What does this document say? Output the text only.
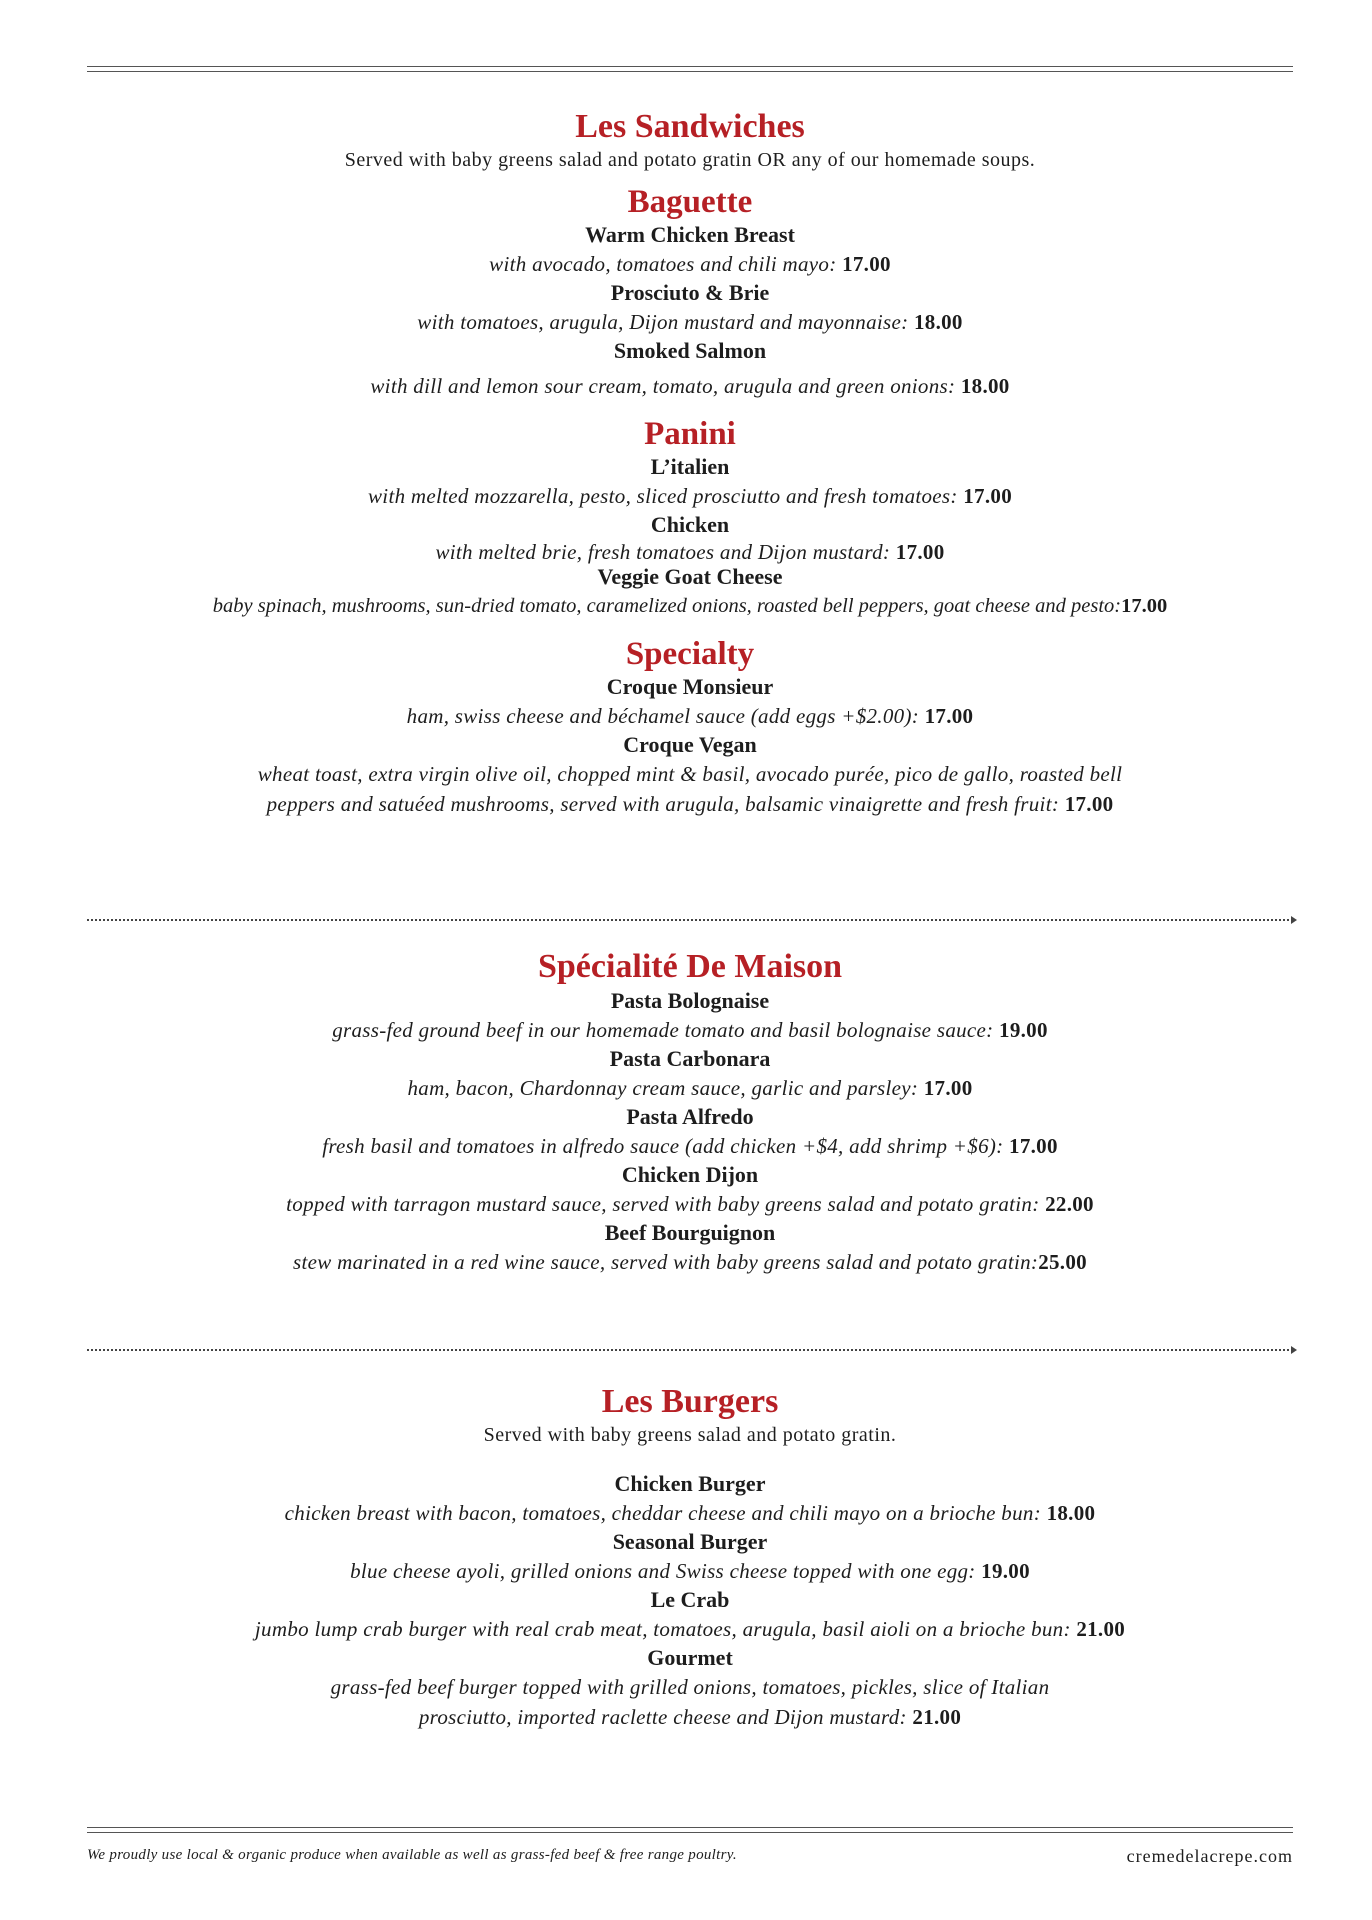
Les Sandwiches
Served with baby greens salad and potato gratin OR any of our homemade soups.
Baguette
Warm Chicken Breast
with avocado, tomatoes and chili mayo: 17.00
Prosciuto & Brie
with tomatoes, arugula, Dijon mustard and mayonnaise: 18.00
Smoked Salmon
with dill and lemon sour cream, tomato, arugula and green onions: 18.00
Panini
L’italien
with melted mozzarella, pesto, sliced prosciutto and fresh tomatoes: 17.00
Chicken
with melted brie, fresh tomatoes and Dijon mustard: 17.00
Veggie Goat Cheese
baby spinach, mushrooms, sun-dried tomato, caramelized onions, roasted bell peppers, goat cheese and pesto:17.00
Specialty
Croque Monsieur
ham, swiss cheese and béchamel sauce (add eggs +$2.00): 17.00
Croque Vegan
wheat toast, extra virgin olive oil, chopped mint & basil, avocado purée, pico de gallo, roasted bell
peppers and satuéed mushrooms, served with arugula, balsamic vinaigrette and fresh fruit: 17.00
Spécialité De Maison
Pasta Bolognaise
grass-fed ground beef in our homemade tomato and basil bolognaise sauce: 19.00
Pasta Carbonara
ham, bacon, Chardonnay cream sauce, garlic and parsley: 17.00
Pasta Alfredo
fresh basil and tomatoes in alfredo sauce (add chicken +$4, add shrimp +$6): 17.00
Chicken Dijon
topped with tarragon mustard sauce, served with baby greens salad and potato gratin: 22.00
Beef Bourguignon
stew marinated in a red wine sauce, served with baby greens salad and potato gratin:25.00
Les Burgers
Served with baby greens salad and potato gratin.
Chicken Burger
chicken breast with bacon, tomatoes, cheddar cheese and chili mayo on a brioche bun: 18.00
Seasonal Burger
blue cheese ayoli, grilled onions and Swiss cheese topped with one egg: 19.00
Le Crab
jumbo lump crab burger with real crab meat, tomatoes, arugula, basil aioli on a brioche bun: 21.00
Gourmet
grass-fed beef burger topped with grilled onions, tomatoes, pickles, slice of Italian
prosciutto, imported raclette cheese and Dijon mustard: 21.00
We proudly use local & organic produce when available as well as grass-fed beef & free range poultry.	cremedelacrepe.com
